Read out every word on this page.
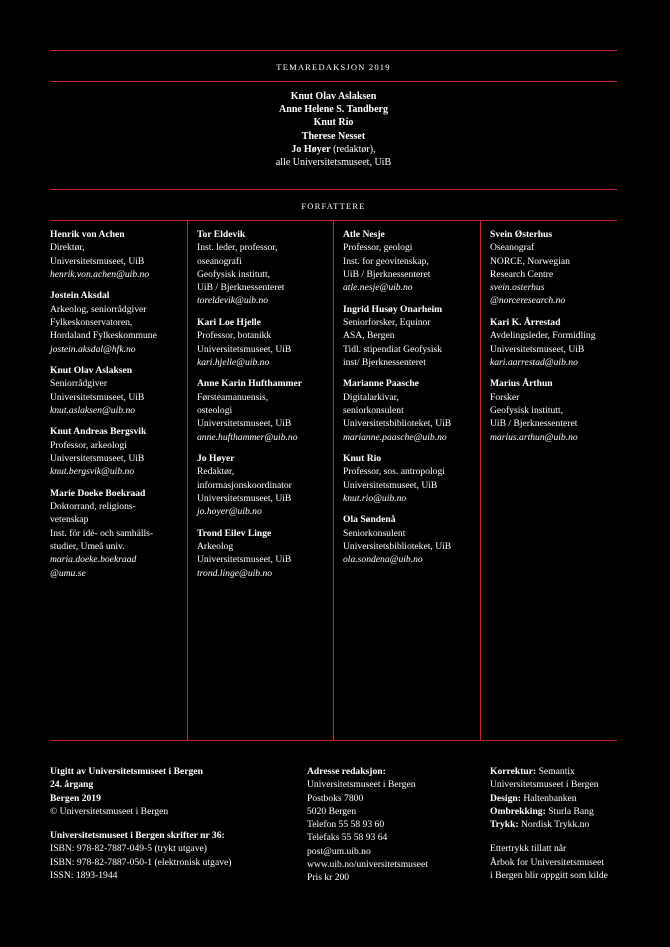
TEMAREDAKSJON 2019
Knut Olav Aslaksen
Anne Helene S. Tandberg
Knut Rio
Therese Nesset
Jo Høyer (redaktør),
alle Universitetsmuseet, UiB
FORFATTERE
Henrik von Achen
Direktør,
Universitetsmuseet, UiB
henrik.von.achen@uib.no
Jostein Aksdal
Arkeolog, seniorrådgiver
Fylkeskonservatoren,
Hordaland Fylkeskommune
jostein.aksdal@hfk.no
Knut Olav Aslaksen
Seniorrådgiver
Universitetsmuseet, UiB
knut.aslaksen@uib.no
Knut Andreas Bergsvik
Professor, arkeologi
Universitetsmuseet, UiB
knut.bergsvik@uib.no
Marie Doeke Boekraad
Doktorrand, religions-
vetenskap
Inst. för idé- och samhälls-
studier, Umeå univ.
maria.doeke.boekraad
@umu.se
Tor Eldevik
Inst. leder, professor,
oseanografi
Geofysisk institutt,
UiB / Bjerknessenteret
toreldevik@uib.no
Kari Loe Hjelle
Professor, botanikk
Universitetsmuseet, UiB
kari.hjelle@uib.no
Anne Karin Hufthammer
Førsteamanuensis,
osteologi
Universitetsmuseet, UiB
anne.hufthammer@uib.no
Jo Høyer
Redaktør,
informasjonskoordinator
Universitetsmuseet, UiB
jo.hoyer@uib.no
Trond Eilev Linge
Arkeolog
Universitetsmuseet, UiB
trond.linge@uib.no
Atle Nesje
Professor, geologi
Inst. for geovitenskap,
UiB / Bjerknessenteret
atle.nesje@uib.no
Ingrid Husøy Onarheim
Seniorforsker, Equinor
ASA, Bergen
Tidl. stipendiat Geofysisk
inst/ Bjerknessenteret
Marianne Paasche
Digitalarkivar,
seniorkonsulent
Universitetsbiblioteket, UiB
marianne.paasche@uib.no
Knut Rio
Professor, sos. antropologi
Universitetsmuseet, UiB
knut.rio@uib.no
Ola Søndenå
Seniorkonsulent
Universitetsbiblioteket, UiB
ola.sondena@uib.no
Svein Østerhus
Oseanograf
NORCE, Norwegian
Research Centre
svein.osterhus
@norceresearch.no
Kari K. Årrestad
Avdelingsleder, Formidling
Universitetsmuseet, UiB
kari.aarrestad@uib.no
Marius Årthun
Forsker
Geofysisk institutt,
UiB / Bjerknessenteret
marius.arthun@uib.no
Utgitt av Universitetsmuseet i Bergen
24. årgang
Bergen 2019
© Universitetsmuseet i Bergen
Universitetsmuseet i Bergen skrifter nr 36:
ISBN: 978-82-7887-049-5 (trykt utgave)
ISBN: 978-82-7887-050-1 (elektronisk utgave)
ISSN: 1893-1944
Adresse redaksjon:
Universitetsmuseet i Bergen
Postboks 7800
5020 Bergen
Telefon 55 58 93 60
Telefaks 55 58 93 64
post@um.uib.no
www.uib.no/universitetsmuseet
Pris kr 200
Korrektur: Semantix
Universitetsmuseet i Bergen
Design: Haltenbanken
Ombrekking: Sturla Bang
Trykk: Nordisk Trykk.no
Ettertrykk tillatt når
Årbok for Universitetsmuseet
i Bergen blir oppgitt som kilde
